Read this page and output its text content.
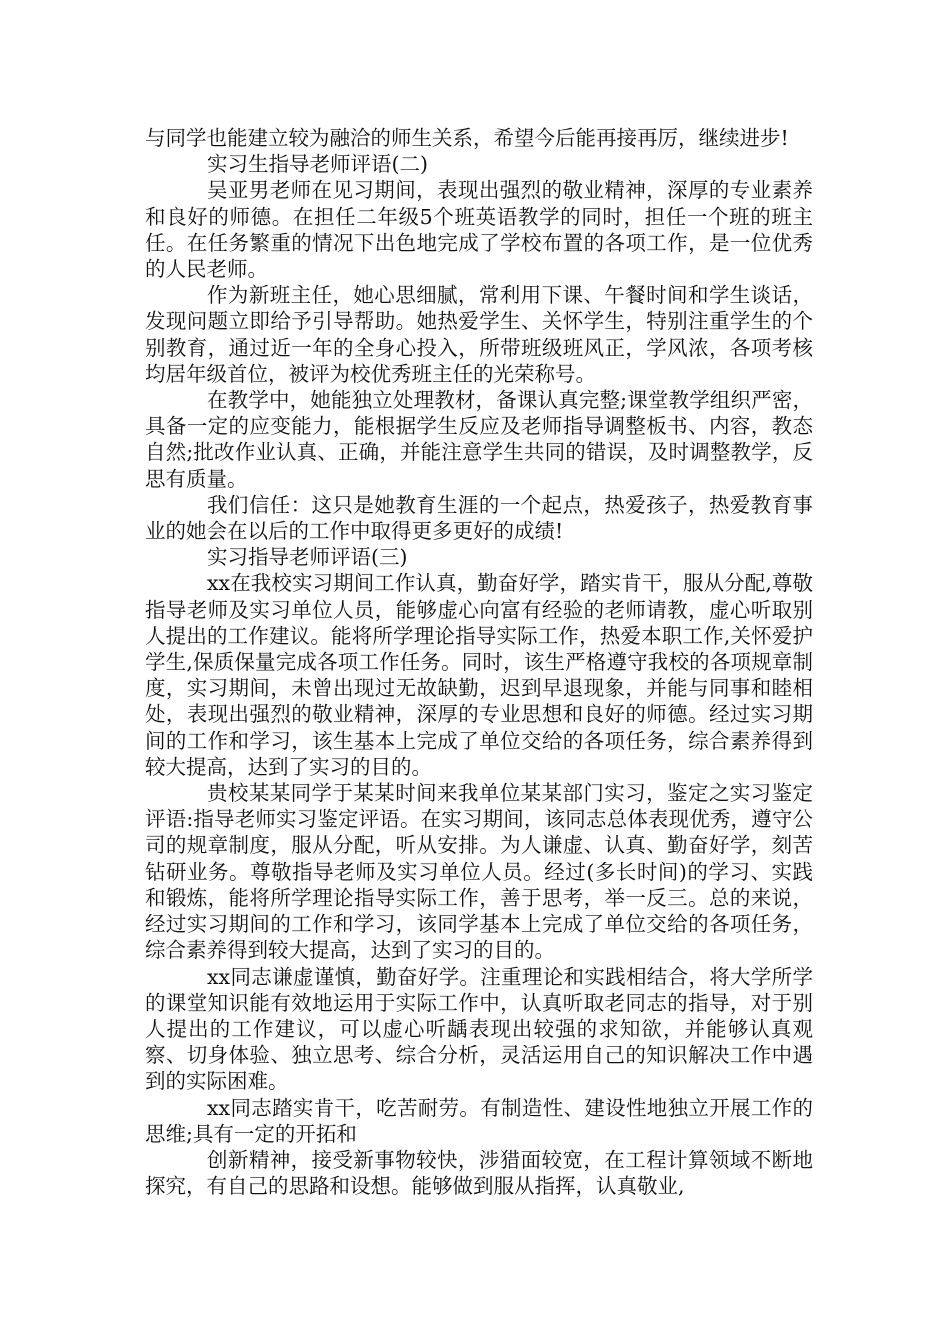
与同学也能建立较为融洽的师生关系，希望今后能再接再厉，继续进步!

实习生指导老师评语(二)

吴亚男老师在见习期间，表现出强烈的敬业精神，深厚的专业素养和良好的师德。在担任二年级5个班英语教学的同时，担任一个班的班主任。在任务繁重的情况下出色地完成了学校布置的各项工作，是一位优秀的人民老师。

作为新班主任，她心思细腻，常利用下课、午餐时间和学生谈话，发现问题立即给予引导帮助。她热爱学生、关怀学生，特别注重学生的个别教育，通过近一年的全身心投入，所带班级班风正，学风浓，各项考核均居年级首位，被评为校优秀班主任的光荣称号。

在教学中，她能独立处理教材，备课认真完整;课堂教学组织严密，具备一定的应变能力，能根据学生反应及老师指导调整板书、内容，教态自然;批改作业认真、正确，并能注意学生共同的错误，及时调整教学，反思有质量。

我们信任：这只是她教育生涯的一个起点，热爱孩子，热爱教育事业的她会在以后的工作中取得更多更好的成绩!

实习指导老师评语(三)

xx在我校实习期间工作认真，勤奋好学，踏实肯干，服从分配,尊敬指导老师及实习单位人员，能够虚心向富有经验的老师请教，虚心听取别人提出的工作建议。能将所学理论指导实际工作，热爱本职工作,关怀爱护学生,保质保量完成各项工作任务。同时，该生严格遵守我校的各项规章制度，实习期间，未曾出现过无故缺勤，迟到早退现象，并能与同事和睦相处，表现出强烈的敬业精神，深厚的专业思想和良好的师德。经过实习期间的工作和学习，该生基本上完成了单位交给的各项任务，综合素养得到较大提高，达到了实习的目的。

贵校某某同学于某某时间来我单位某某部门实习，鉴定之实习鉴定评语:指导老师实习鉴定评语。在实习期间，该同志总体表现优秀，遵守公司的规章制度，服从分配，听从安排。为人谦虚、认真、勤奋好学，刻苦钻研业务。尊敬指导老师及实习单位人员。经过(多长时间)的学习、实践和锻炼，能将所学理论指导实际工作，善于思考，举一反三。总的来说，经过实习期间的工作和学习，该同学基本上完成了单位交给的各项任务，综合素养得到较大提高，达到了实习的目的。

xx同志谦虚谨慎，勤奋好学。注重理论和实践相结合，将大学所学的课堂知识能有效地运用于实际工作中，认真听取老同志的指导，对于别人提出的工作建议，可以虚心听龋表现出较强的求知欲，并能够认真观察、切身体验、独立思考、综合分析，灵活运用自己的知识解决工作中遇到的实际困难。

xx同志踏实肯干，吃苦耐劳。有制造性、建设性地独立开展工作的思维;具有一定的开拓和

创新精神，接受新事物较快，涉猎面较宽，在工程计算领域不断地探究，有自己的思路和设想。能够做到服从指挥，认真敬业,
